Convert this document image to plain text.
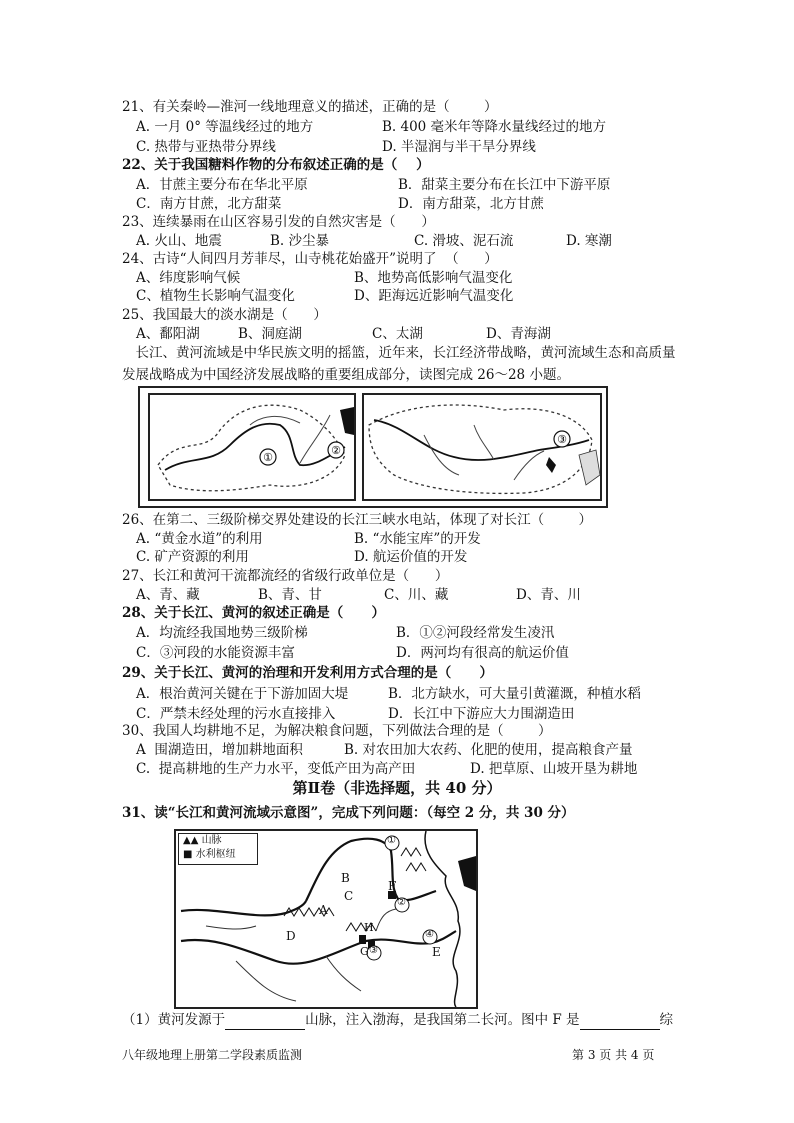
21、有关秦岭—淮河一线地理意义的描述，正确的是（        ）
A. 一月 0° 等温线经过的地方	B. 400 毫米年等降水量线经过的地方
C. 热带与亚热带分界线	D. 半湿润与半干旱分界线
22、关于我国糖料作物的分布叙述正确的是（    ）
A．甘蔗主要分布在华北平原	B．甜菜主要分布在长江中下游平原
C．南方甘蔗，北方甜菜	D．南方甜菜，北方甘蔗
23、连续暴雨在山区容易引发的自然灾害是（      ）
A. 火山、地震	B. 沙尘暴	C. 滑坡、泥石流	D. 寒潮
24、古诗“人间四月芳菲尽，山寺桃花始盛开”说明了  （      ）
A、纬度影响气候	B、地势高低影响气温变化
C、植物生长影响气温变化	D、距海远近影响气温变化
25、我国最大的淡水湖是（      ）
A、鄱阳湖	B、洞庭湖	C、太湖	D、青海湖
长江、黄河流域是中华民族文明的摇篮，近年来，长江经济带战略，黄河流域生态和高质量发展战略成为中国经济发展战略的重要组成部分，读图完成 26～28 小题。
①
②
③
26、在第二、三级阶梯交界处建设的长江三峡水电站，体现了对长江（        ）
A. “黄金水道”的利用	B. “水能宝库”的开发
C. 矿产资源的利用	D. 航运价值的开发
27、长江和黄河干流都流经的省级行政单位是（      ）
A、青、藏	B、青、甘	C、川、藏	D、青、川
28、关于长江、黄河的叙述正确是（      ）
A．均流经我国地势三级阶梯	B．①②河段经常发生凌汛
C．③河段的水能资源丰富	D．两河均有很高的航运价值
29、关于长江、黄河的治理和开发利用方式合理的是（      ）
A．根治黄河关键在于下游加固大堤	B．北方缺水，可大量引黄灌溉，种植水稻
C．严禁未经处理的污水直接排入	D．长江中下游应大力围湖造田
30、我国人均耕地不足，为解决粮食问题，下列做法合理的是（        ）
A  围湖造田，增加耕地面积	B. 对农田加大农药、化肥的使用，提高粮食产量
C.  提高耕地的生产力水平，变低产田为高产田	D. 把草原、山坡开垦为耕地
第Ⅱ卷（非选择题，共 40 分）
31、读“长江和黄河流域示意图”，完成下列问题：（每空 2 分，共 30 分）
▲▲ 山脉
■ 水利枢纽
A
B
C
D
E
F
G
H
①
②
③
④
（1）黄河发源于	山脉，注入渤海，是我国第二长河。图中 F 是	综
八年级地理上册第二学段素质监测	第 3 页 共 4 页
